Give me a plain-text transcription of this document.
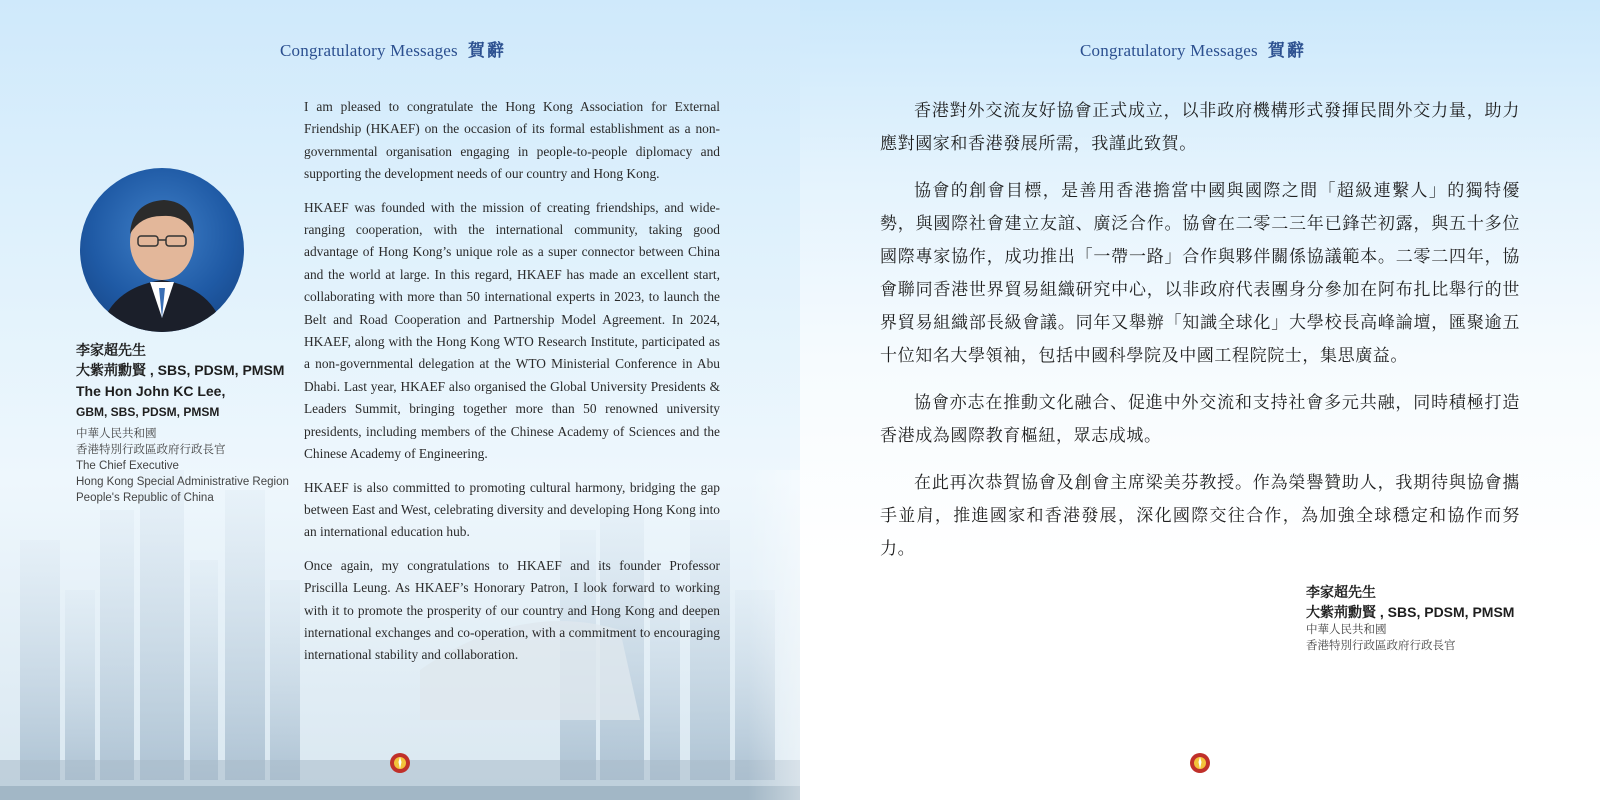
Congratulatory Messages 賀辭
李家超先生
大紫荊勳賢 , SBS, PDSM, PMSM
The Hon John KC Lee,
GBM, SBS, PDSM, PMSM
中華人民共和國
香港特別行政區政府行政長官
The Chief Executive
Hong Kong Special Administrative Region
People's Republic of China

I am pleased to congratulate the Hong Kong Association for External Friendship (HKAEF) on the occasion of its formal establishment as a non-governmental organisation engaging in people-to-people diplomacy and supporting the development needs of our country and Hong Kong.

HKAEF was founded with the mission of creating friendships, and wide-ranging cooperation, with the international community, taking good advantage of Hong Kong’s unique role as a super connector between China and the world at large. In this regard, HKAEF has made an excellent start, collaborating with more than 50 international experts in 2023, to launch the Belt and Road Cooperation and Partnership Model Agreement. In 2024, HKAEF, along with the Hong Kong WTO Research Institute, participated as a non-governmental delegation at the WTO Ministerial Conference in Abu Dhabi. Last year, HKAEF also organised the Global University Presidents & Leaders Summit, bringing together more than 50 renowned university presidents, including members of the Chinese Academy of Sciences and the Chinese Academy of Engineering.

HKAEF is also committed to promoting cultural harmony, bridging the gap between East and West, celebrating diversity and developing Hong Kong into an international education hub.

Once again, my congratulations to HKAEF and its founder Professor Priscilla Leung. As HKAEF’s Honorary Patron, I look forward to working with it to promote the prosperity of our country and Hong Kong and deepen international exchanges and co-operation, with a commitment to encouraging international stability and collaboration.

Congratulatory Messages 賀辭

香港對外交流友好協會正式成立，以非政府機構形式發揮民間外交力量，助力應對國家和香港發展所需，我謹此致賀。

協會的創會目標，是善用香港擔當中國與國際之間「超級連繫人」的獨特優勢，與國際社會建立友誼、廣泛合作。協會在二零二三年已鋒芒初露，與五十多位國際專家協作，成功推出「一帶一路」合作與夥伴關係協議範本。二零二四年，協會聯同香港世界貿易組織研究中心，以非政府代表團身分參加在阿布扎比舉行的世界貿易組織部長級會議。同年又舉辦「知識全球化」大學校長高峰論壇，匯聚逾五十位知名大學領袖，包括中國科學院及中國工程院院士，集思廣益。

協會亦志在推動文化融合、促進中外交流和支持社會多元共融，同時積極打造香港成為國際教育樞紐，眾志成城。

在此再次恭賀協會及創會主席梁美芬教授。作為榮譽贊助人，我期待與協會攜手並肩，推進國家和香港發展，深化國際交往合作，為加強全球穩定和協作而努力。

李家超先生
大紫荊勳賢 , SBS, PDSM, PMSM
中華人民共和國
香港特別行政區政府行政長官
